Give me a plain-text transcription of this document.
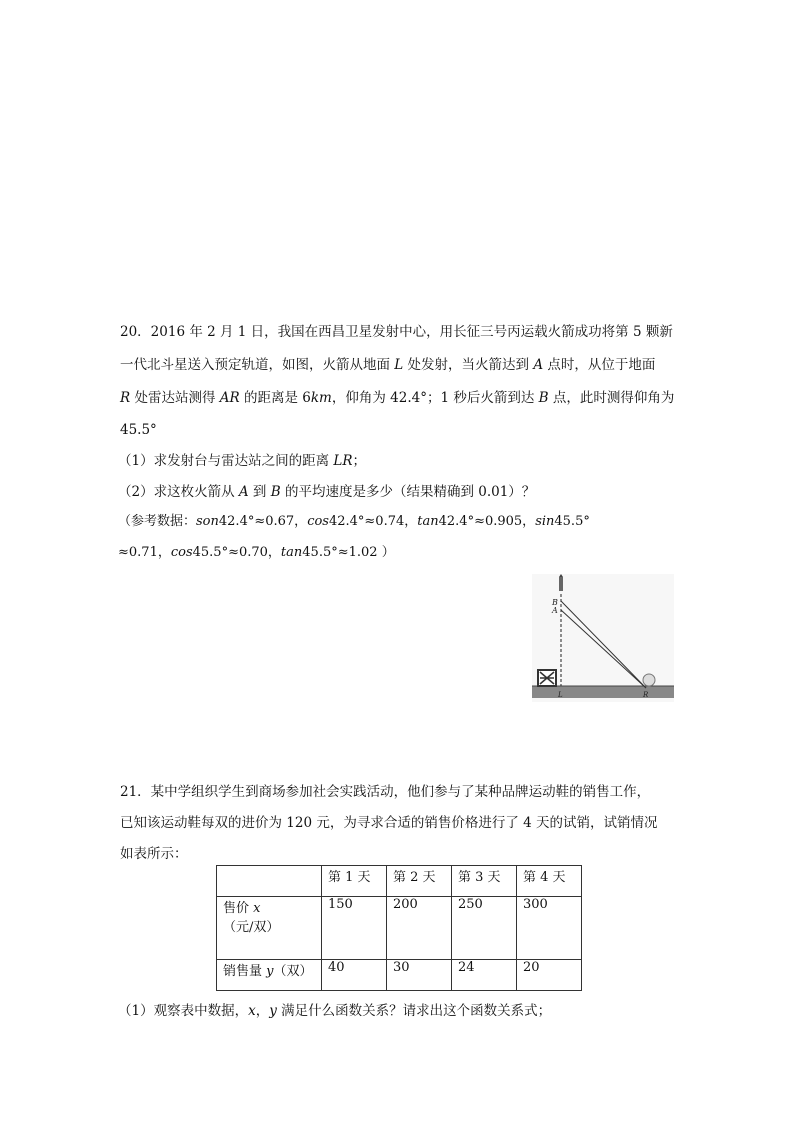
20．2016 年 2 月 1 日，我国在西昌卫星发射中心，用长征三号丙运载火箭成功将第 5 颗新
一代北斗星送入预定轨道，如图，火箭从地面 L 处发射，当火箭达到 A 点时，从位于地面
R 处雷达站测得 AR 的距离是 6km，仰角为 42.4°；1 秒后火箭到达 B 点，此时测得仰角为
45.5°
（1）求发射台与雷达站之间的距离 LR；
（2）求这枚火箭从 A 到 B 的平均速度是多少（结果精确到 0.01）？
（参考数据：son42.4°≈0.67，cos42.4°≈0.74，tan42.4°≈0.905，sin45.5°
≈0.71，cos45.5°≈0.70，tan45.5°≈1.02 ）
B
A
L	R
21．某中学组织学生到商场参加社会实践活动，他们参与了某种品牌运动鞋的销售工作，
已知该运动鞋每双的进价为 120 元，为寻求合适的销售价格进行了 4 天的试销，试销情况
如表所示：
	第 1 天	第 2 天	第 3 天	第 4 天
售价 x（元/双）	150	200	250	300
销售量 y（双）	40	30	24	20
（1）观察表中数据，x，y 满足什么函数关系？请求出这个函数关系式；
